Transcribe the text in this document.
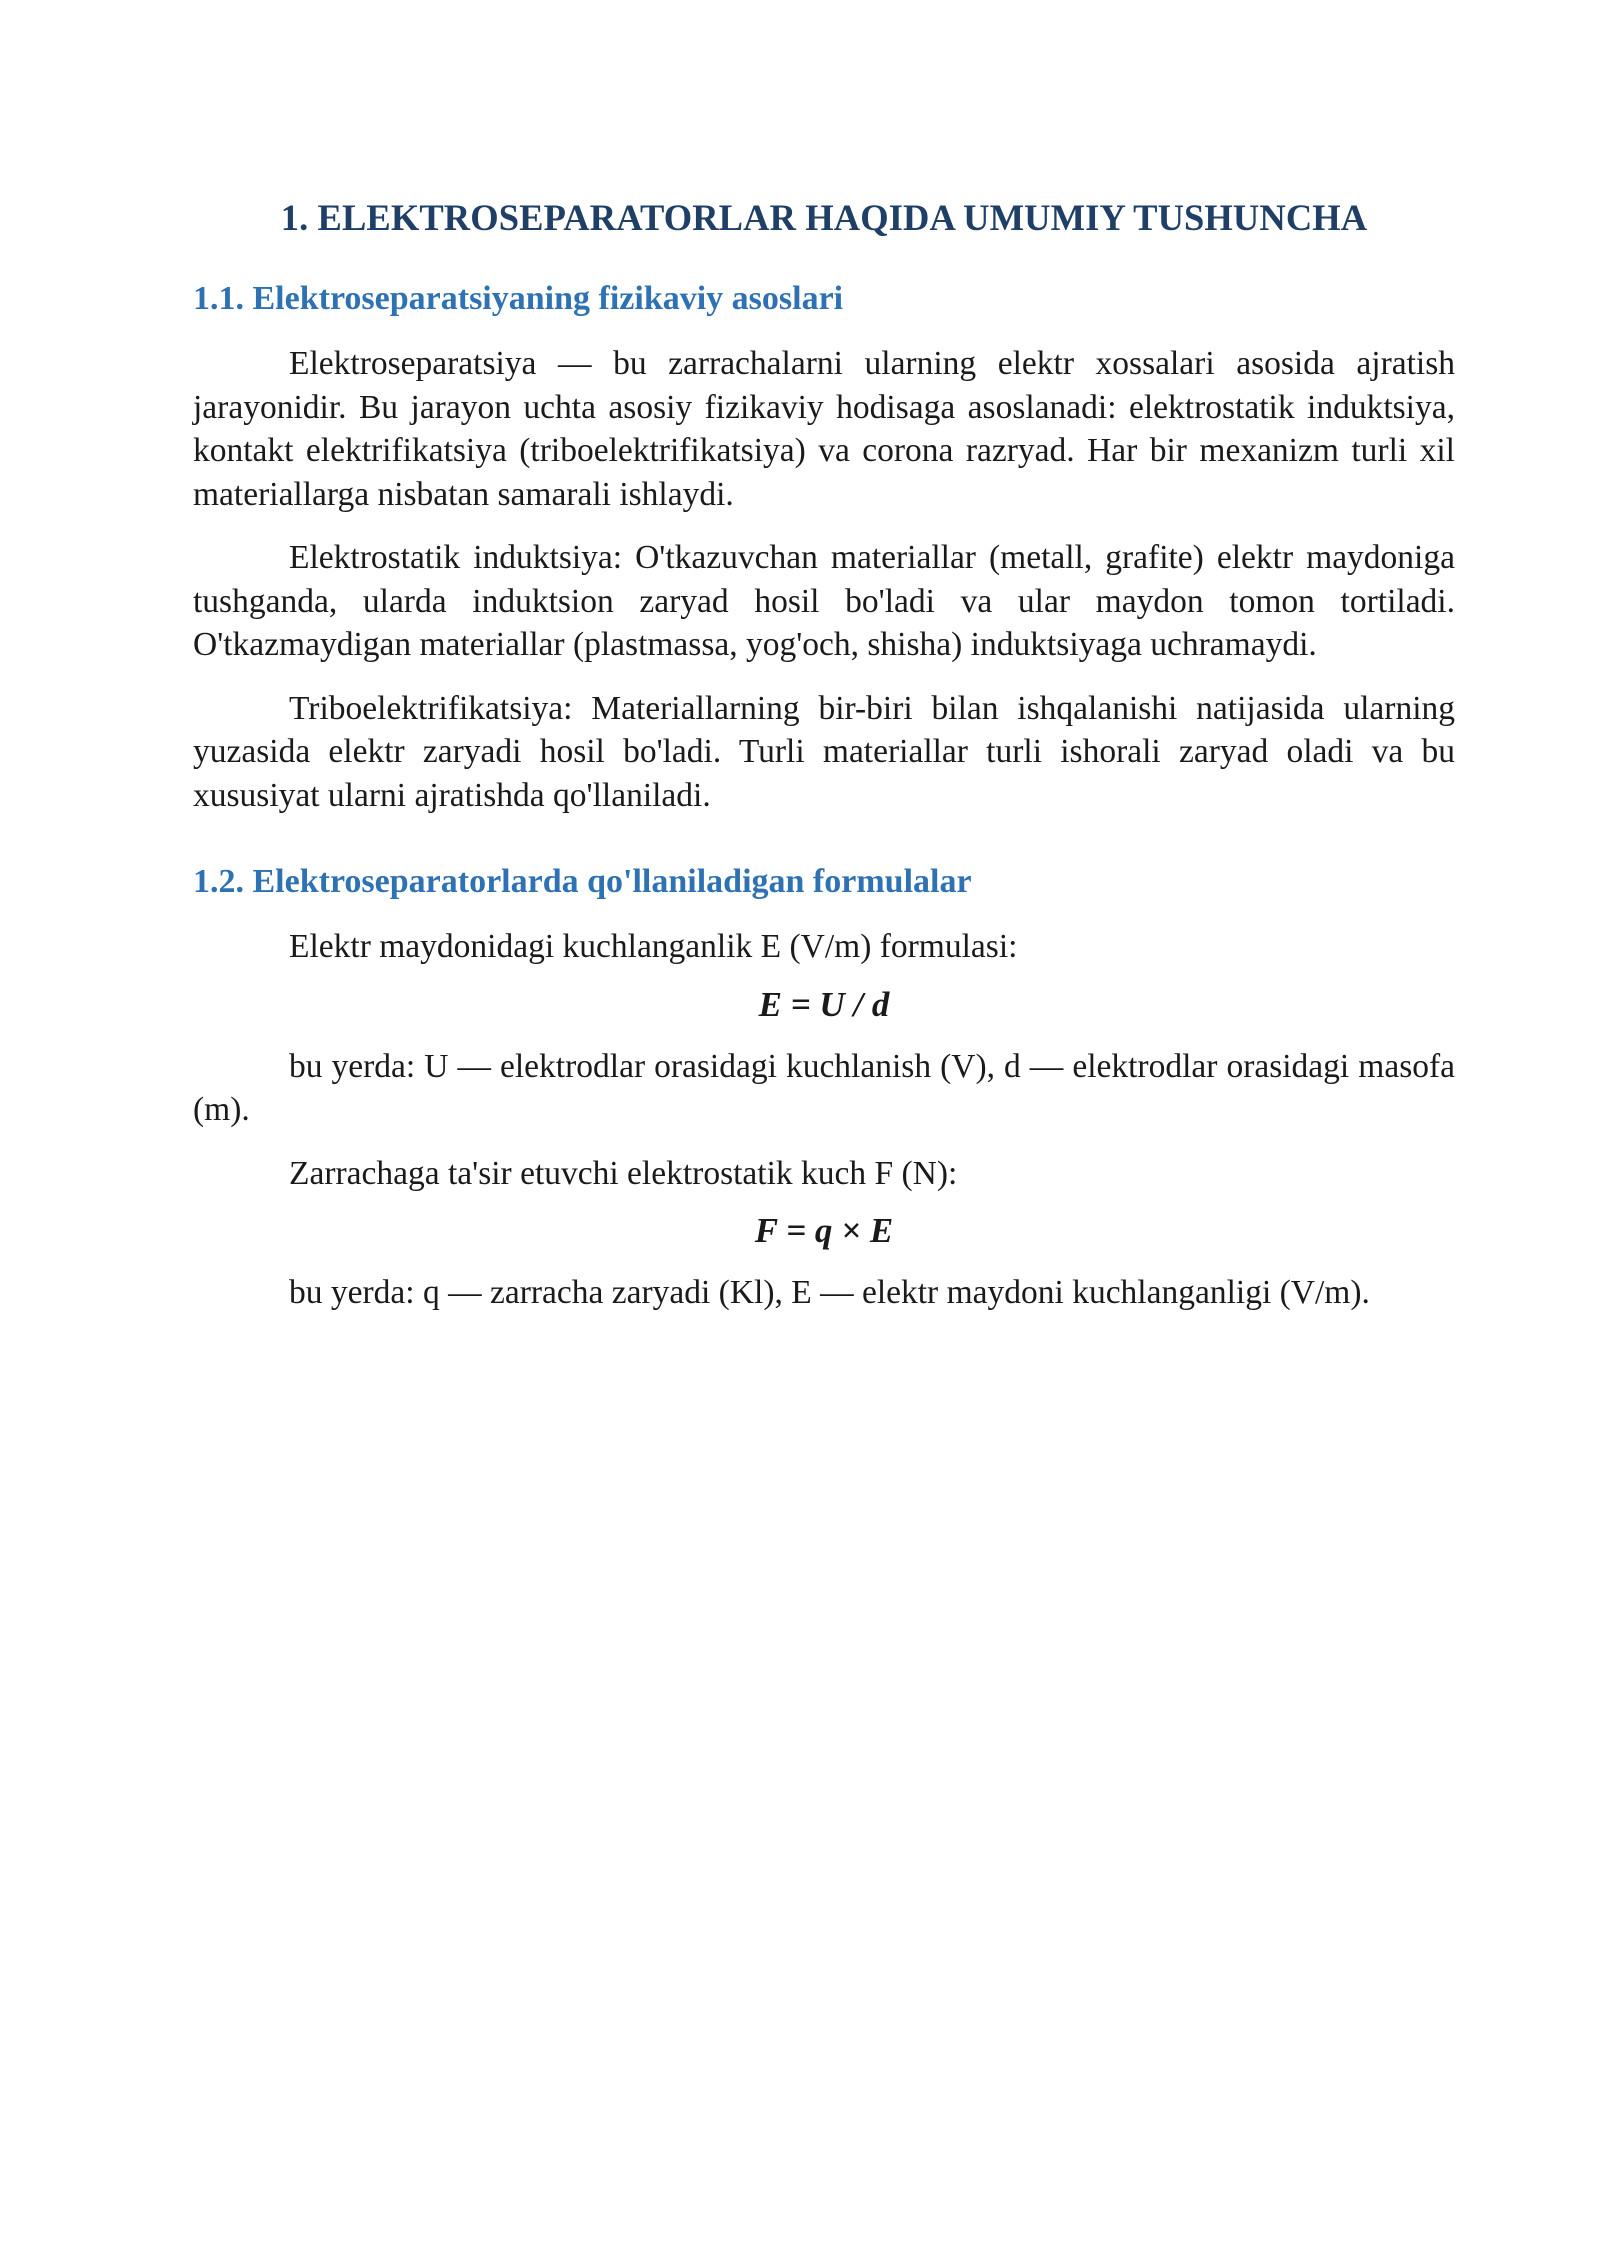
1. ELEKTROSEPARATORLAR HAQIDA UMUMIY TUSHUNCHA
1.1. Elektroseparatsiyaning fizikaviy asoslari

Elektroseparatsiya — bu zarrachalarni ularning elektr xossalari asosida ajratish jarayonidir. Bu jarayon uchta asosiy fizikaviy hodisaga asoslanadi: elektrostatik induktsiya, kontakt elektrifikatsiya (triboelektrifikatsiya) va corona razryad. Har bir mexanizm turli xil materiallarga nisbatan samarali ishlaydi.

Elektrostatik induktsiya: O'tkazuvchan materiallar (metall, grafite) elektr maydoniga tushganda, ularda induktsion zaryad hosil bo'ladi va ular maydon tomon tortiladi. O'tkazmaydigan materiallar (plastmassa, yog'och, shisha) induktsiyaga uchramaydi.

Triboelektrifikatsiya: Materiallarning bir-biri bilan ishqalanishi natijasida ularning yuzasida elektr zaryadi hosil bo'ladi. Turli materiallar turli ishorali zaryad oladi va bu xususiyat ularni ajratishda qo'llaniladi.

1.2. Elektroseparatorlarda qo'llaniladigan formulalar

Elektr maydonidagi kuchlanganlik E (V/m) formulasi:

E = U / d

bu yerda: U — elektrodlar orasidagi kuchlanish (V), d — elektrodlar orasidagi masofa (m).

Zarrachaga ta'sir etuvchi elektrostatik kuch F (N):

F = q × E

bu yerda: q — zarracha zaryadi (Kl), E — elektr maydoni kuchlanganligi (V/m).
